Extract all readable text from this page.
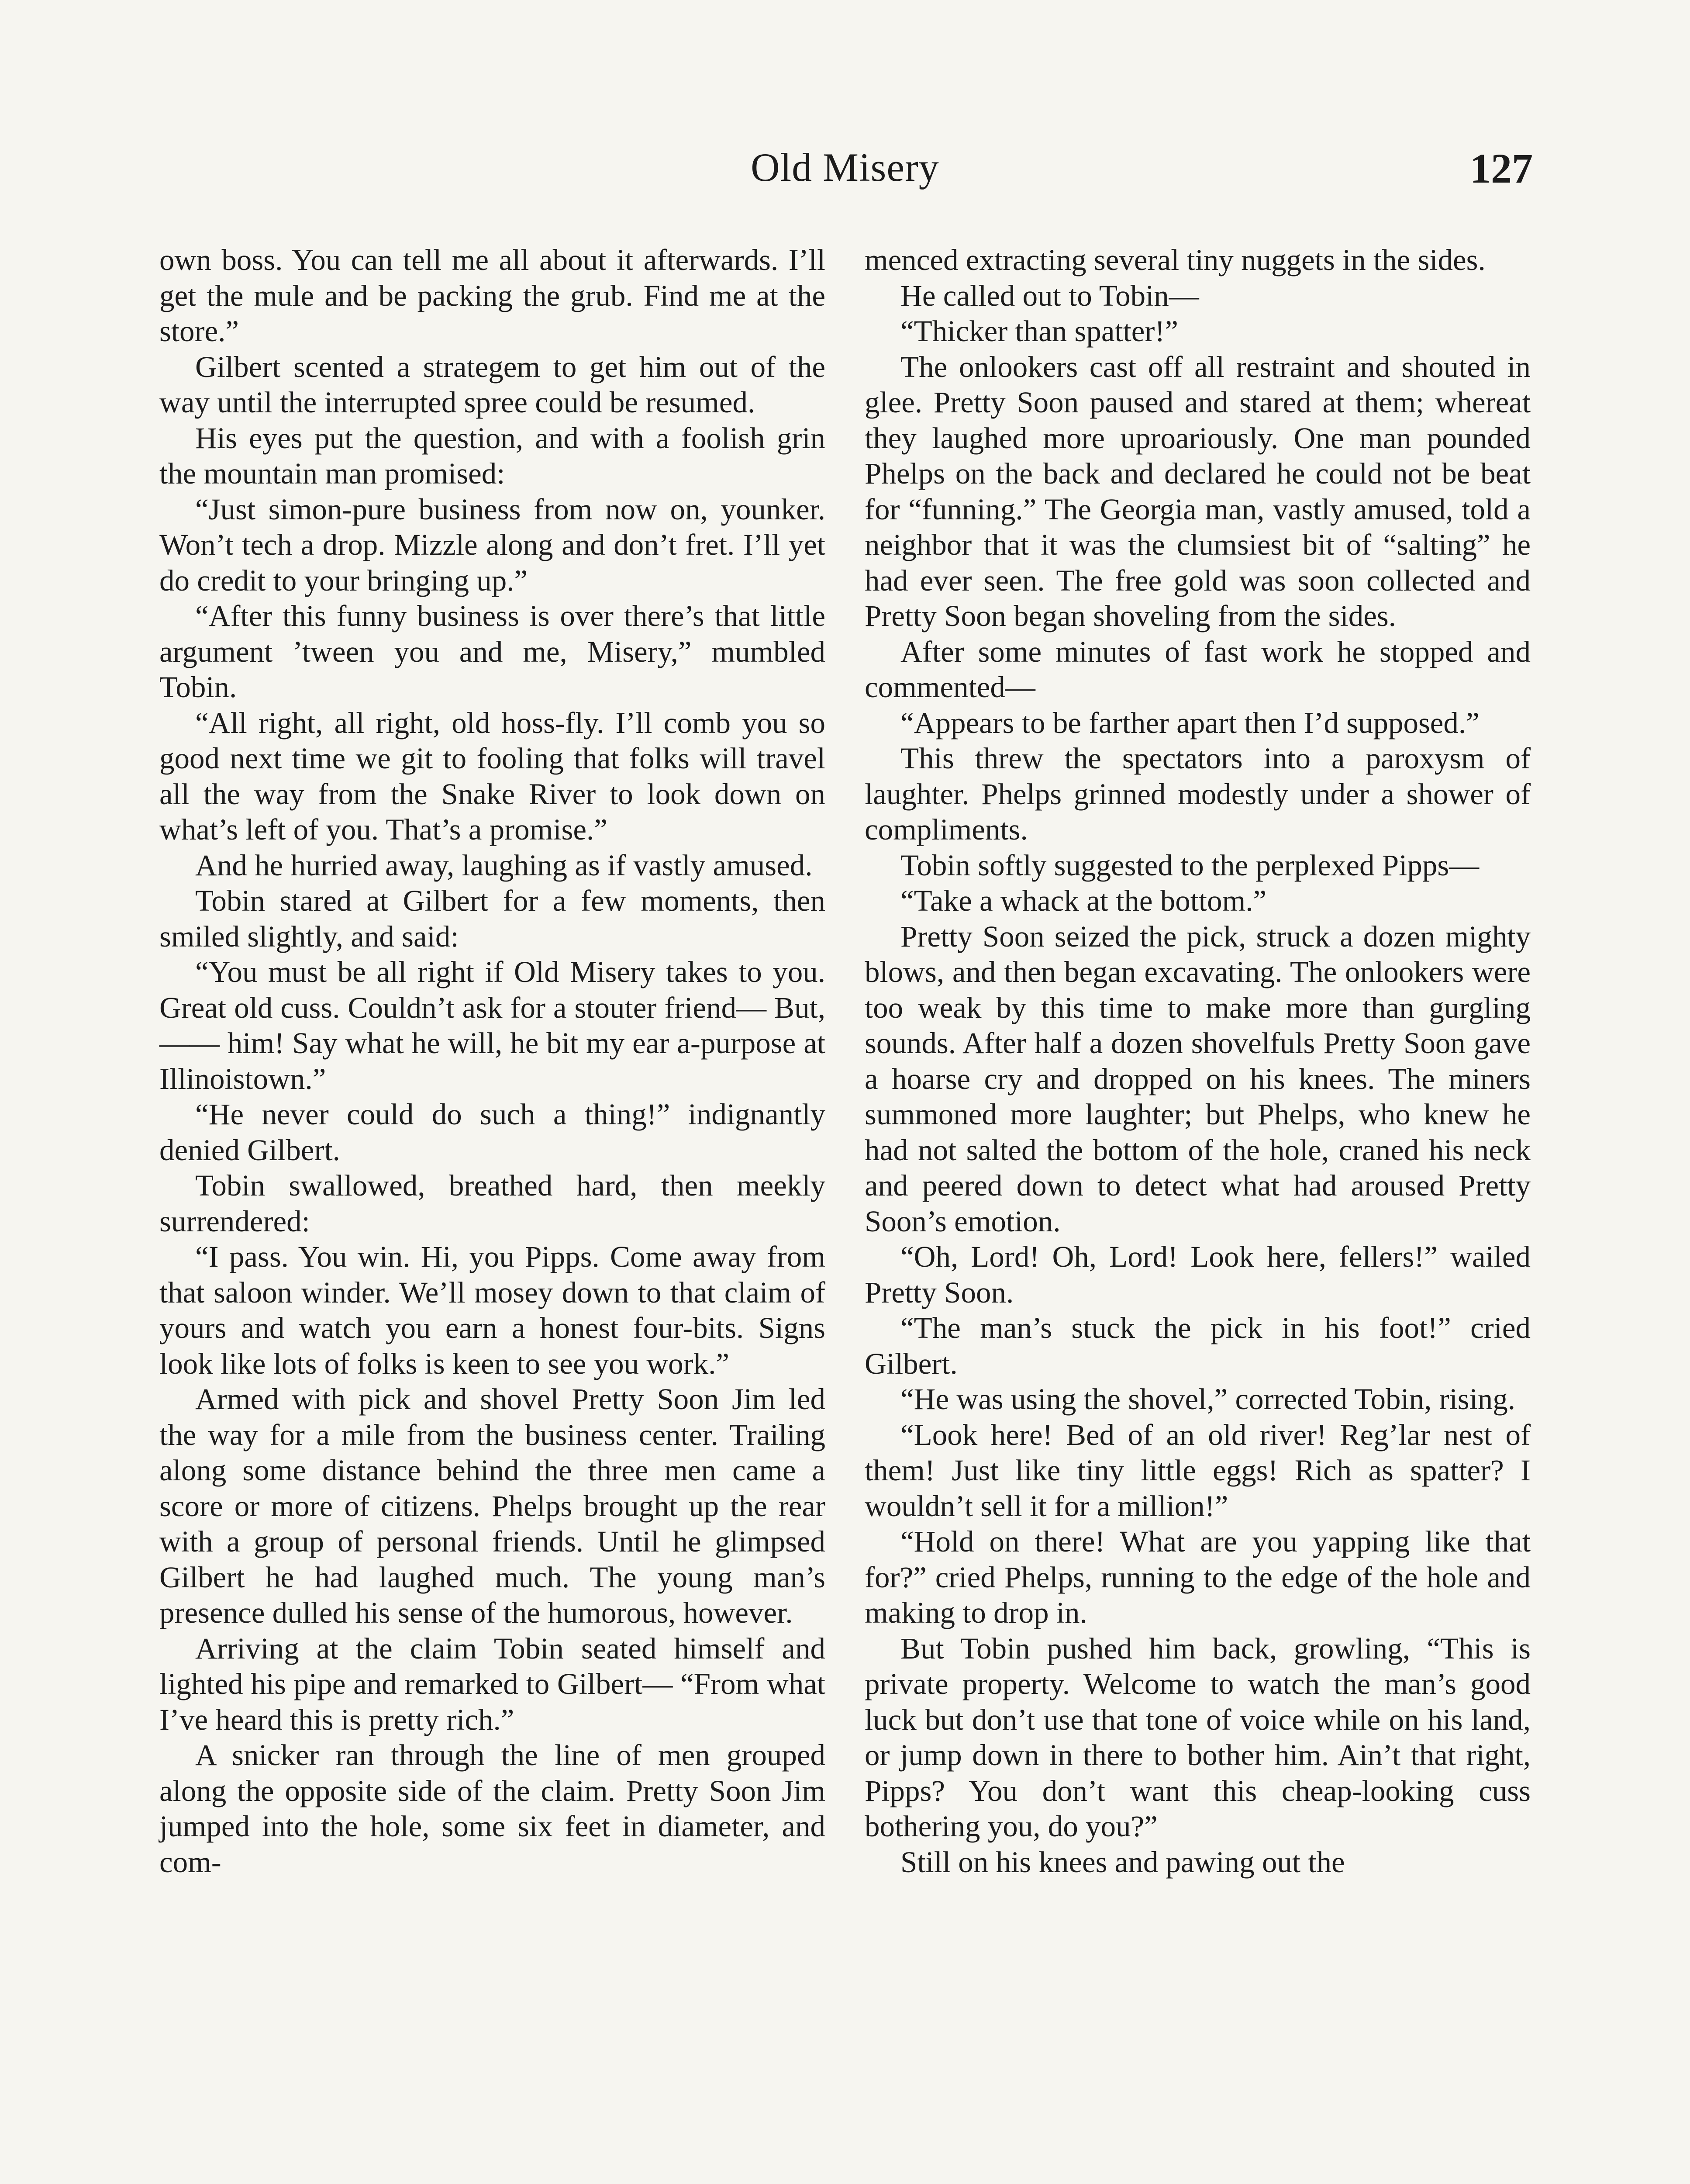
Old Misery	127

own boss. You can tell me all about it afterwards. I’ll get the mule and be packing the grub. Find me at the store.”

Gilbert scented a strategem to get him out of the way until the interrupted spree could be resumed.

His eyes put the question, and with a foolish grin the mountain man promised:

“Just simon-pure business from now on, younker. Won’t tech a drop. Mizzle along and don’t fret. I’ll yet do credit to your bringing up.”

“After this funny business is over there’s that little argument ’tween you and me, Misery,” mumbled Tobin.

“All right, all right, old hoss-fly. I’ll comb you so good next time we git to fooling that folks will travel all the way from the Snake River to look down on what’s left of you. That’s a promise.”

And he hurried away, laughing as if vastly amused.

Tobin stared at Gilbert for a few moments, then smiled slightly, and said:

“You must be all right if Old Misery takes to you. Great old cuss. Couldn’t ask for a stouter friend— But,—— him! Say what he will, he bit my ear a-purpose at Illinoistown.”

“He never could do such a thing!” indignantly denied Gilbert.

Tobin swallowed, breathed hard, then meekly surrendered:

“I pass. You win. Hi, you Pipps. Come away from that saloon winder. We’ll mosey down to that claim of yours and watch you earn a honest four-bits. Signs look like lots of folks is keen to see you work.”

Armed with pick and shovel Pretty Soon Jim led the way for a mile from the business center. Trailing along some distance behind the three men came a score or more of citizens. Phelps brought up the rear with a group of personal friends. Until he glimpsed Gilbert he had laughed much. The young man’s presence dulled his sense of the humorous, however.

Arriving at the claim Tobin seated himself and lighted his pipe and remarked to Gilbert— “From what I’ve heard this is pretty rich.”

A snicker ran through the line of men grouped along the opposite side of the claim. Pretty Soon Jim jumped into the hole, some six feet in diameter, and com-

menced extracting several tiny nuggets in the sides.

He called out to Tobin—

“Thicker than spatter!”

The onlookers cast off all restraint and shouted in glee. Pretty Soon paused and stared at them; whereat they laughed more uproariously. One man pounded Phelps on the back and declared he could not be beat for “funning.” The Georgia man, vastly amused, told a neighbor that it was the clumsiest bit of “salting” he had ever seen. The free gold was soon collected and Pretty Soon began shoveling from the sides.

After some minutes of fast work he stopped and commented—

“Appears to be farther apart then I’d supposed.”

This threw the spectators into a paroxysm of laughter. Phelps grinned modestly under a shower of compliments.

Tobin softly suggested to the perplexed Pipps—

“Take a whack at the bottom.”

Pretty Soon seized the pick, struck a dozen mighty blows, and then began excavating. The onlookers were too weak by this time to make more than gurgling sounds. After half a dozen shovelfuls Pretty Soon gave a hoarse cry and dropped on his knees. The miners summoned more laughter; but Phelps, who knew he had not salted the bottom of the hole, craned his neck and peered down to detect what had aroused Pretty Soon’s emotion.

“Oh, Lord! Oh, Lord! Look here, fellers!” wailed Pretty Soon.

“The man’s stuck the pick in his foot!” cried Gilbert.

“He was using the shovel,” corrected Tobin, rising.

“Look here! Bed of an old river! Reg’lar nest of them! Just like tiny little eggs! Rich as spatter? I wouldn’t sell it for a million!”

“Hold on there! What are you yapping like that for?” cried Phelps, running to the edge of the hole and making to drop in.

But Tobin pushed him back, growling, “This is private property. Welcome to watch the man’s good luck but don’t use that tone of voice while on his land, or jump down in there to bother him. Ain’t that right, Pipps? You don’t want this cheap-looking cuss bothering you, do you?”

Still on his knees and pawing out the
